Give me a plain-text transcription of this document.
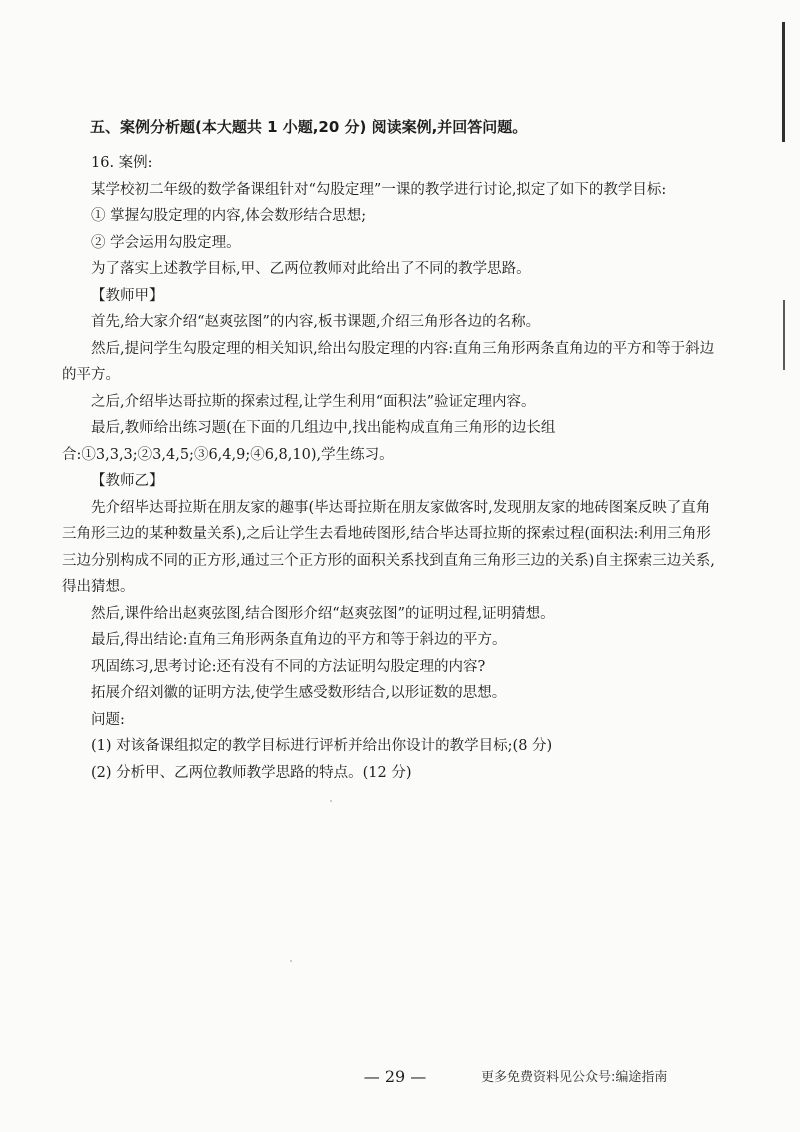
五、案例分析题(本大题共 1 小题,20 分) 阅读案例,并回答问题。

16. 案例:

某学校初二年级的数学备课组针对“勾股定理”一课的教学进行讨论,拟定了如下的教学目标:

① 掌握勾股定理的内容,体会数形结合思想;

② 学会运用勾股定理。

为了落实上述教学目标,甲、乙两位教师对此给出了不同的教学思路。

【教师甲】

首先,给大家介绍“赵爽弦图”的内容,板书课题,介绍三角形各边的名称。

然后,提问学生勾股定理的相关知识,给出勾股定理的内容:直角三角形两条直角边的平方和等于斜边的平方。

之后,介绍毕达哥拉斯的探索过程,让学生利用“面积法”验证定理内容。

最后,教师给出练习题(在下面的几组边中,找出能构成直角三角形的边长组合:①3,3,3;②3,4,5;③6,4,9;④6,8,10),学生练习。

【教师乙】

先介绍毕达哥拉斯在朋友家的趣事(毕达哥拉斯在朋友家做客时,发现朋友家的地砖图案反映了直角三角形三边的某种数量关系),之后让学生去看地砖图形,结合毕达哥拉斯的探索过程(面积法:利用三角形三边分别构成不同的正方形,通过三个正方形的面积关系找到直角三角形三边的关系)自主探索三边关系,得出猜想。

然后,课件给出赵爽弦图,结合图形介绍“赵爽弦图”的证明过程,证明猜想。

最后,得出结论:直角三角形两条直角边的平方和等于斜边的平方。

巩固练习,思考讨论:还有没有不同的方法证明勾股定理的内容?

拓展介绍刘徽的证明方法,使学生感受数形结合,以形证数的思想。

问题:

(1) 对该备课组拟定的教学目标进行评析并给出你设计的教学目标;(8 分)

(2) 分析甲、乙两位教师教学思路的特点。(12 分)

— 29 —	更多免费资料见公众号:编途指南
